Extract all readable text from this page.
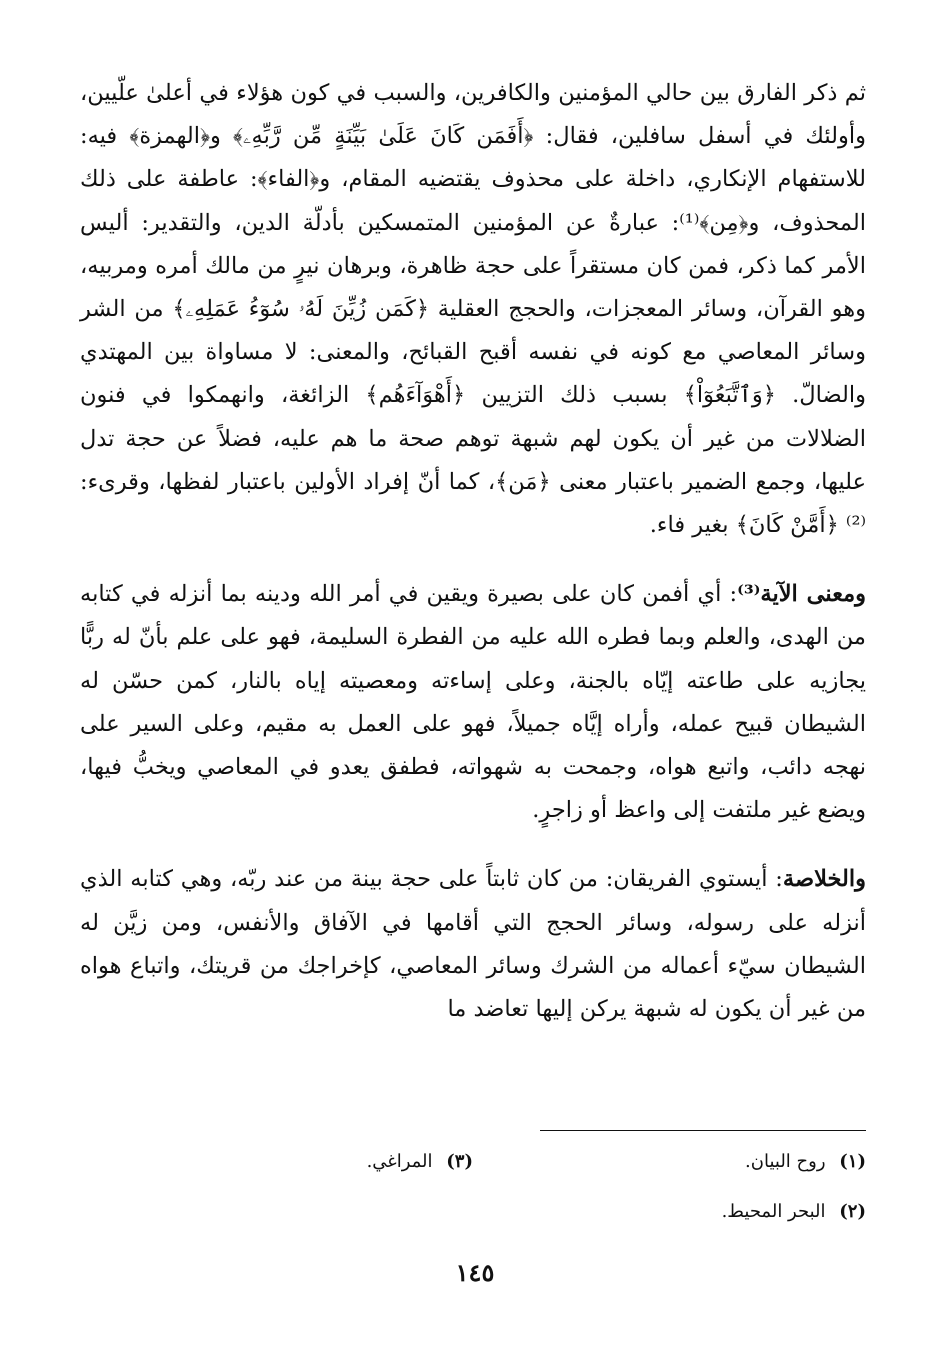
ثم ذكر الفارق بين حالي المؤمنين والكافرين، والسبب في كون هؤلاء في أعلىٰ علّيين، وأولئك في أسفل سافلين، فقال: ﴿أَفَمَن كَانَ عَلَىٰ بَيِّنَةٍ مِّن رَّبِّهِۦ﴾ و﴿الهمزة﴾ فيه: للاستفهام الإنكاري، داخلة على محذوف يقتضيه المقام، و﴿الفاء﴾: عاطفة على ذلك المحذوف، و﴿مِن﴾⁽¹⁾: عبارةٌ عن المؤمنين المتمسكين بأدلّة الدين، والتقدير: أليس الأمر كما ذكر، فمن كان مستقراً على حجة ظاهرة، وبرهان نيرٍ من مالك أمره ومربيه، وهو القرآن، وسائر المعجزات، والحجج العقلية ﴿كَمَن زُيِّنَ لَهُۥ سُوٓءُ عَمَلِهِۦ﴾ من الشر وسائر المعاصي مع كونه في نفسه أقبح القبائح، والمعنى: لا مساواة بين المهتدي والضالّ. ﴿وَٱتَّبَعُوٓاْ﴾ بسبب ذلك التزيين ﴿أَهْوَآءَهُم﴾ الزائغة، وانهمكوا في فنون الضلالات من غير أن يكون لهم شبهة توهم صحة ما هم عليه، فضلاً عن حجة تدل عليها، وجمع الضمير باعتبار معنى ﴿مَن﴾، كما أنّ إفراد الأولين باعتبار لفظها، وقرىء:⁽²⁾ ﴿أَمَّنْ كَانَ﴾ بغير فاء.

ومعنى الآية⁽³⁾: أي أفمن كان على بصيرة ويقين في أمر الله ودينه بما أنزله في كتابه من الهدى، والعلم وبما فطره الله عليه من الفطرة السليمة، فهو على علم بأنّ له ربًّا يجازيه على طاعته إيّاه بالجنة، وعلى إساءته ومعصيته إياه بالنار، كمن حسّن له الشيطان قبيح عمله، وأراه إيَّاه جميلاً، فهو على العمل به مقيم، وعلى السير على نهجه دائب، واتبع هواه، وجمحت به شهواته، فطفق يعدو في المعاصي ويخبُّ فيها، ويضع غير ملتفت إلى واعظ أو زاجرٍ.

والخلاصة: أيستوي الفريقان: من كان ثابتاً على حجة بينة من عند ربّه، وهي كتابه الذي أنزله على رسوله، وسائر الحجج التي أقامها في الآفاق والأنفس، ومن زيَّن له الشيطان سيّء أعماله من الشرك وسائر المعاصي، كإخراجك من قريتك، واتباع هواه من غير أن يكون له شبهة يركن إليها تعاضد ما

(١) روح البيان.
(٣) المراغي.
(٢) البحر المحيط.
١٤٥
